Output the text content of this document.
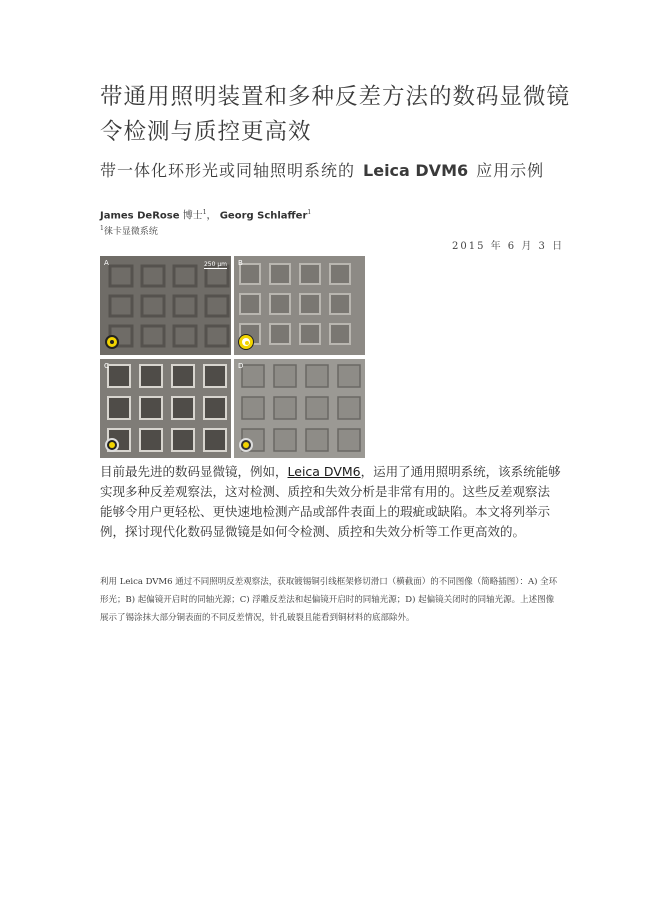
带通用照明装置和多种反差方法的数码显微镜令检测与质控更高效
带一体化环形光或同轴照明系统的 Leica DVM6 应用示例
James DeRose 博士$^1$， Georg Schlaffer$^1$
$^1$徕卡显微系统
2015 年 6 月 3 日
A	250 μm B
C	D
目前最先进的数码显微镜，例如，Leica DVM6，运用了通用照明系统，该系统能够实现多种反差观察法，这对检测、质控和失效分析是非常有用的。这些反差观察法能够令用户更轻松、更快速地检测产品或部件表面上的瑕疵或缺陷。本文将列举示例，探讨现代化数码显微镜是如何令检测、质控和失效分析等工作更高效的。
利用 Leica DVM6 通过不同照明反差观察法，获取镀锡铜引线框架修切滑口（横截面）的不同图像（简略插图）：A) 全环形光；B) 起偏镜开启时的同轴光源；C) 浮雕反差法和起偏镜开启时的同轴光源；D) 起偏镜关闭时的同轴光源。上述图像展示了锡涂抹大部分铜表面的不同反差情况，针孔破裂且能看到铜材料的底部除外。
